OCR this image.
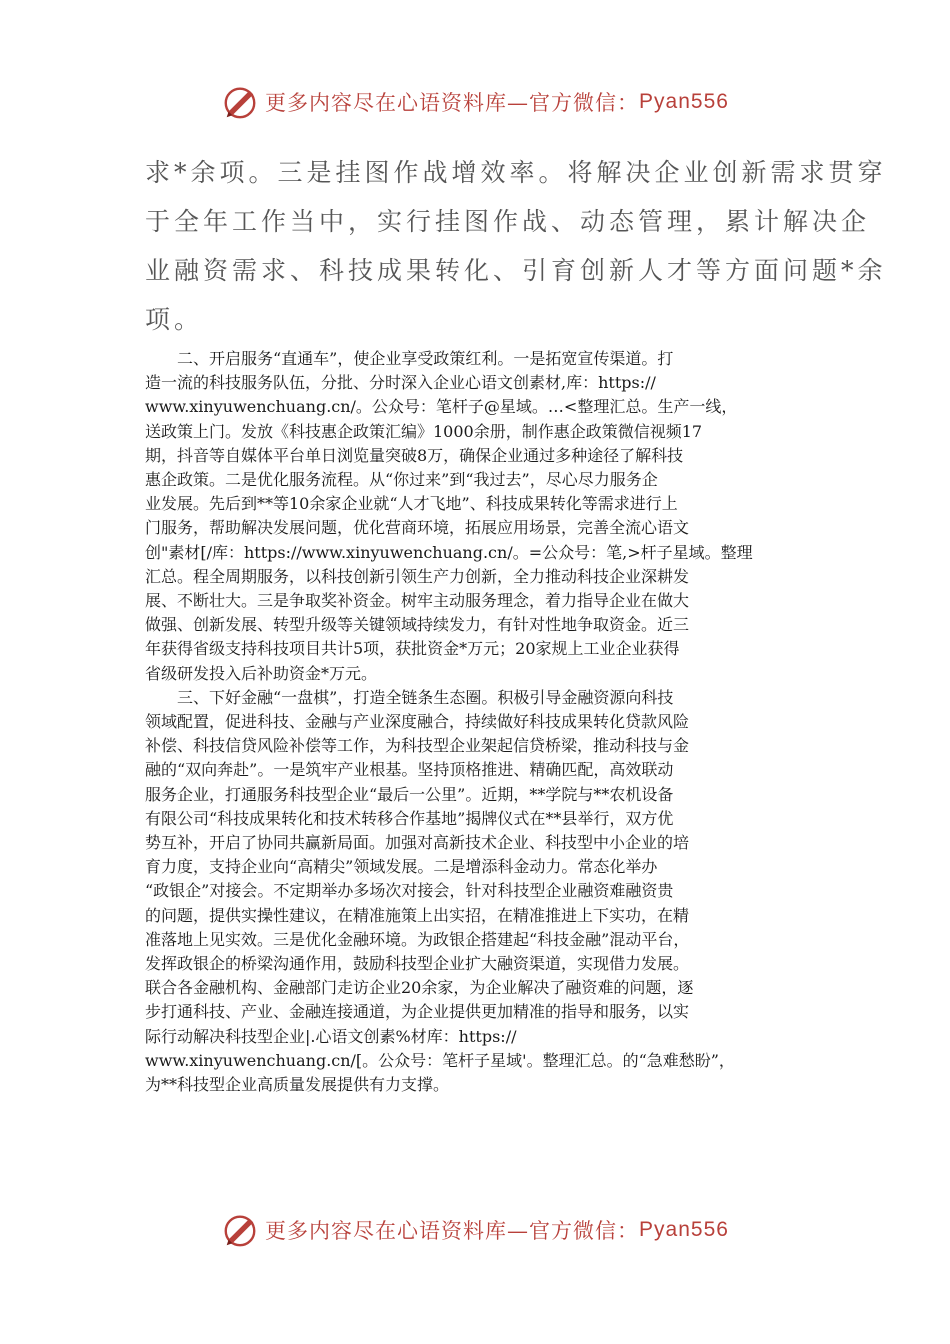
更多内容尽在心语资料库—官方微信： Pyan556
求*余项。三是挂图作战增效率。将解决企业创新需求贯穿
于全年工作当中，实行挂图作战、动态管理，累计解决企
业融资需求、科技成果转化、引育创新人才等方面问题*余
项。
　　二、开启服务“直通车”，使企业享受政策红利。一是拓宽宣传渠道。打
造一流的科技服务队伍，分批、分时深入企业心语文创素材,库：https://
www.xinyuwenchuang.cn/。公众号：笔杆子@星域。…<整理汇总。生产一线，
送政策上门。发放《科技惠企政策汇编》1000余册，制作惠企政策微信视频17
期，抖音等自媒体平台单日浏览量突破8万，确保企业通过多种途径了解科技
惠企政策。二是优化服务流程。从“你过来”到“我过去”，尽心尽力服务企
业发展。先后到**等10余家企业就“人才飞地”、科技成果转化等需求进行上
门服务，帮助解决发展问题，优化营商环境，拓展应用场景，完善全流心语文
创"素材[/库：https://www.xinyuwenchuang.cn/。=公众号：笔,>杆子星域。整理
汇总。程全周期服务，以科技创新引领生产力创新，全力推动科技企业深耕发
展、不断壮大。三是争取奖补资金。树牢主动服务理念，着力指导企业在做大
做强、创新发展、转型升级等关键领域持续发力，有针对性地争取资金。近三
年获得省级支持科技项目共计5项，获批资金*万元；20家规上工业企业获得
省级研发投入后补助资金*万元。
　　三、下好金融“一盘棋”，打造全链条生态圈。积极引导金融资源向科技
领域配置，促进科技、金融与产业深度融合，持续做好科技成果转化贷款风险
补偿、科技信贷风险补偿等工作，为科技型企业架起信贷桥梁，推动科技与金
融的“双向奔赴”。一是筑牢产业根基。坚持顶格推进、精确匹配，高效联动
服务企业，打通服务科技型企业“最后一公里”。近期，**学院与**农机设备
有限公司“科技成果转化和技术转移合作基地”揭牌仪式在**县举行，双方优
势互补，开启了协同共赢新局面。加强对高新技术企业、科技型中小企业的培
育力度，支持企业向“高精尖”领域发展。二是增添科金动力。常态化举办
“政银企”对接会。不定期举办多场次对接会，针对科技型企业融资难融资贵
的问题，提供实操性建议，在精准施策上出实招，在精准推进上下实功，在精
准落地上见实效。三是优化金融环境。为政银企搭建起“科技金融”混动平台，
发挥政银企的桥梁沟通作用，鼓励科技型企业扩大融资渠道，实现借力发展。
联合各金融机构、金融部门走访企业20余家，为企业解决了融资难的问题，逐
步打通科技、产业、金融连接通道，为企业提供更加精准的指导和服务，以实
际行动解决科技型企业|.心语文创素%材库：https://
www.xinyuwenchuang.cn/[。公众号：笔杆子星域'。整理汇总。的“急难愁盼”，
为**科技型企业高质量发展提供有力支撑。
更多内容尽在心语资料库—官方微信： Pyan556
